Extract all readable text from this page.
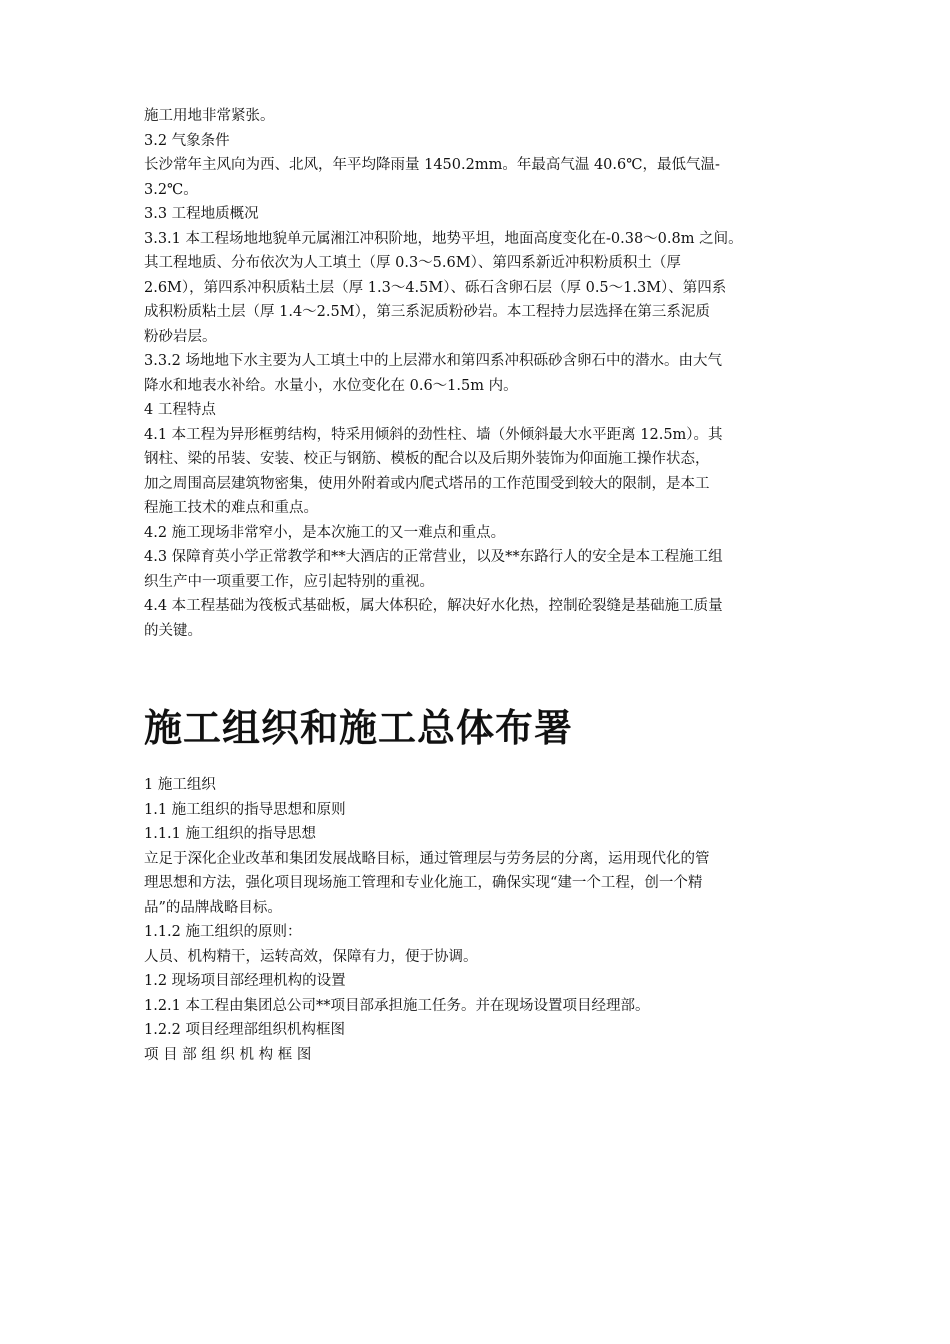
施工用地非常紧张。

3.2 气象条件

长沙常年主风向为西、北风，年平均降雨量 1450.2mm。年最高气温 40.6℃，最低气温-

3.2℃。

3.3 工程地质概况

3.3.1 本工程场地地貌单元属湘江冲积阶地，地势平坦，地面高度变化在-0.38～0.8m 之间。

其工程地质、分布依次为人工填土（厚 0.3～5.6M）、第四系新近冲积粉质积土（厚

2.6M），第四系冲积质粘土层（厚 1.3～4.5M）、砾石含卵石层（厚 0.5～1.3M）、第四系

成积粉质粘土层（厚 1.4～2.5M），第三系泥质粉砂岩。本工程持力层选择在第三系泥质

粉砂岩层。

3.3.2 场地地下水主要为人工填土中的上层滞水和第四系冲积砾砂含卵石中的潜水。由大气

降水和地表水补给。水量小，水位变化在 0.6～1.5m 内。

4 工程特点

4.1 本工程为异形框剪结构，特采用倾斜的劲性柱、墙（外倾斜最大水平距离 12.5m）。其

钢柱、梁的吊装、安装、校正与钢筋、模板的配合以及后期外装饰为仰面施工操作状态，

加之周围高层建筑物密集，使用外附着或内爬式塔吊的工作范围受到较大的限制，是本工

程施工技术的难点和重点。

4.2 施工现场非常窄小，是本次施工的又一难点和重点。

4.3 保障育英小学正常教学和**大酒店的正常营业，以及**东路行人的安全是本工程施工组

织生产中一项重要工作，应引起特别的重视。

4.4 本工程基础为筏板式基础板，属大体积砼，解决好水化热，控制砼裂缝是基础施工质量

的关键。

施工组织和施工总体布署

1 施工组织

1.1 施工组织的指导思想和原则

1.1.1 施工组织的指导思想

立足于深化企业改革和集团发展战略目标，通过管理层与劳务层的分离，运用现代化的管

理思想和方法，强化项目现场施工管理和专业化施工，确保实现“建一个工程，创一个精

品”的品牌战略目标。

1.1.2 施工组织的原则：

人员、机构精干，运转高效，保障有力，便于协调。

1.2 现场项目部经理机构的设置

1.2.1 本工程由集团总公司**项目部承担施工任务。并在现场设置项目经理部。

1.2.2 项目经理部组织机构框图

项 目 部 组 织 机 构 框 图
